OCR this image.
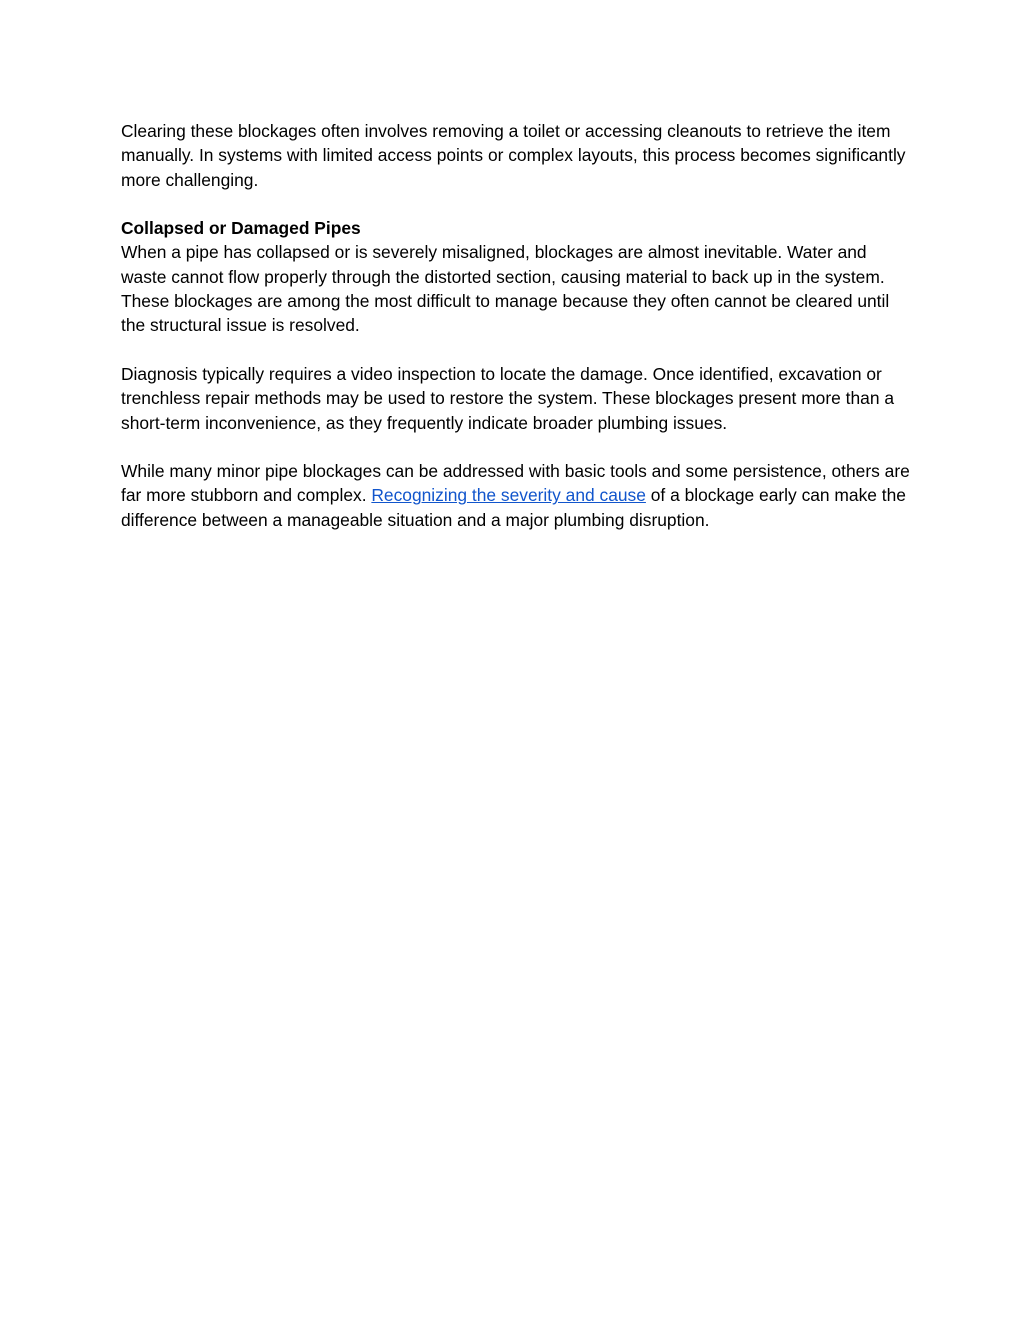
Clearing these blockages often involves removing a toilet or accessing cleanouts to retrieve the item manually. In systems with limited access points or complex layouts, this process becomes significantly more challenging.

Collapsed or Damaged Pipes
When a pipe has collapsed or is severely misaligned, blockages are almost inevitable. Water and waste cannot flow properly through the distorted section, causing material to back up in the system. These blockages are among the most difficult to manage because they often cannot be cleared until the structural issue is resolved.

Diagnosis typically requires a video inspection to locate the damage. Once identified, excavation or trenchless repair methods may be used to restore the system. These blockages present more than a short-term inconvenience, as they frequently indicate broader plumbing issues.

While many minor pipe blockages can be addressed with basic tools and some persistence, others are far more stubborn and complex. Recognizing the severity and cause of a blockage early can make the difference between a manageable situation and a major plumbing disruption.
